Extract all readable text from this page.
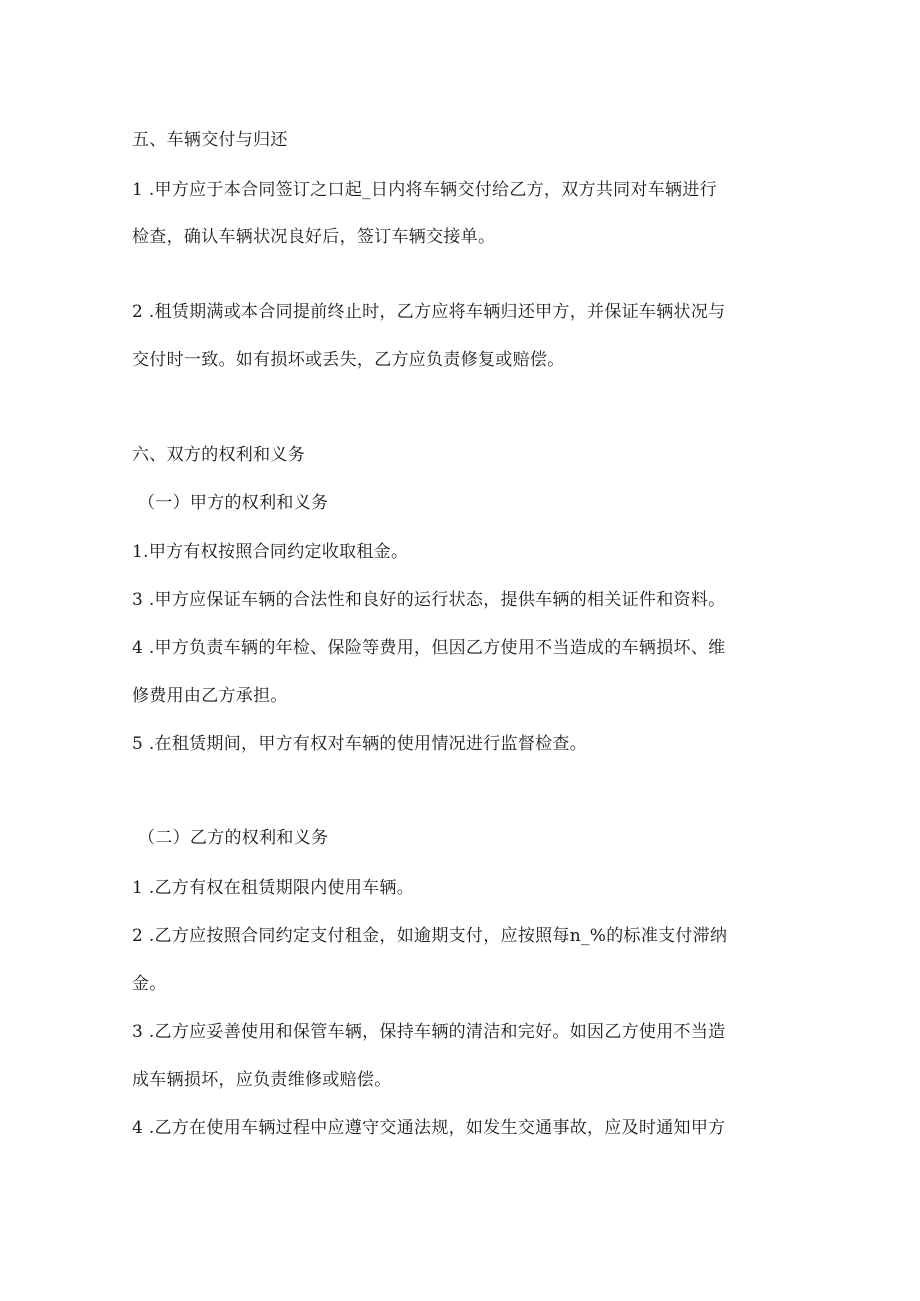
五、车辆交付与归还
1 .甲方应于本合同签订之口起_日内将车辆交付给乙方，双方共同对车辆进行
检查，确认车辆状况良好后，签订车辆交接单。
2 .租赁期满或本合同提前终止时，乙方应将车辆归还甲方，并保证车辆状况与
交付时一致。如有损坏或丢失，乙方应负责修复或赔偿。
六、双方的权利和义务
（一）甲方的权利和义务
1.甲方有权按照合同约定收取租金。
3 .甲方应保证车辆的合法性和良好的运行状态，提供车辆的相关证件和资料。
4 .甲方负责车辆的年检、保险等费用，但因乙方使用不当造成的车辆损坏、维
修费用由乙方承担。
5 .在租赁期间，甲方有权对车辆的使用情况进行监督检查。
（二）乙方的权利和义务
1 .乙方有权在租赁期限内使用车辆。
2 .乙方应按照合同约定支付租金，如逾期支付，应按照每n_%的标准支付滞纳
金。
3 .乙方应妥善使用和保管车辆，保持车辆的清洁和完好。如因乙方使用不当造
成车辆损坏，应负责维修或赔偿。
4 .乙方在使用车辆过程中应遵守交通法规，如发生交通事故，应及时通知甲方
